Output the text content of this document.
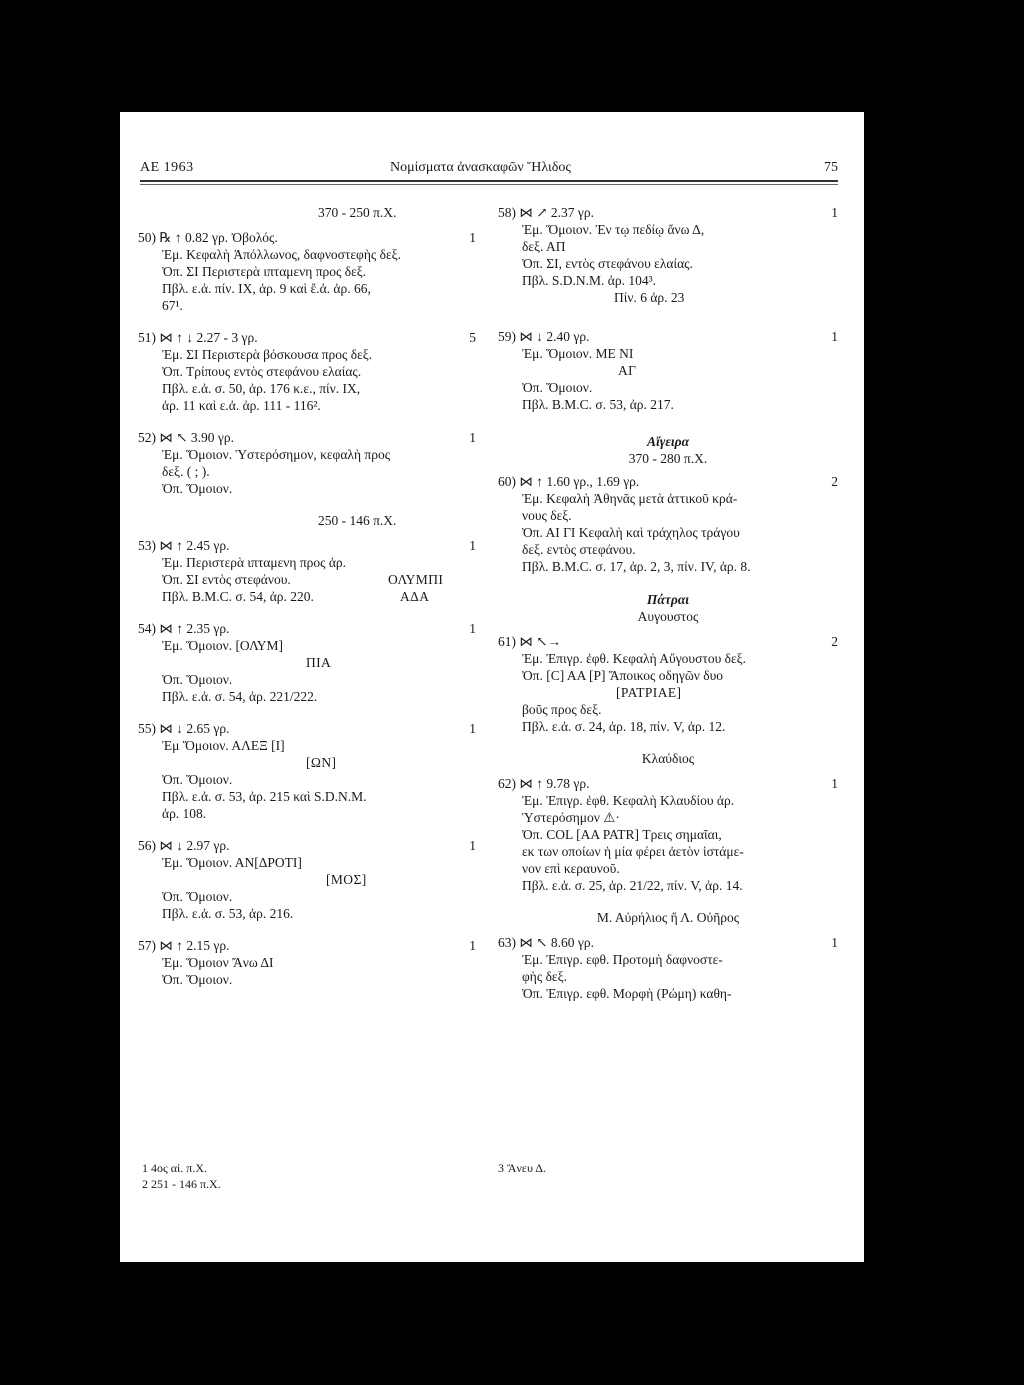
ΑΕ 1963	Νομίσματα ἀνασκαφῶν Ἤλιδος	75
370 - 250 π.Χ.
50) ℞ ↑ 0.82 γρ. Ὀβολός.	1
Ἐμ. Κεφαλὴ Ἀπόλλωνος, δαφνοστεφὴς δεξ.
Ὀπ. ΣΙ Περιστερὰ ιπταμενη προς δεξ.
Πβλ. ε.ἀ. πίν. ΙΧ, ἀρ. 9 καὶ ἔ.ἀ. ἀρ. 66,
67¹.
51) ⋈ ↑ ↓ 2.27 - 3 γρ.	5
Ἐμ. ΣΙ Περιστερὰ βόσκουσα προς δεξ.
Ὀπ. Τρίπους εντὸς στεφάνου ελαίας.
Πβλ. ε.ἀ. σ. 50, ἀρ. 176 κ.ε., πίν. ΙΧ,
ἀρ. 11 καὶ ε.ἀ. ἀρ. 111 - 116².
52) ⋈ ↖ 3.90 γρ.	1
Ἐμ. Ὅμοιον. Ὑστερόσημον, κεφαλὴ προς
δεξ. ( ; ).
Ὀπ. Ὅμοιον.
250 - 146 π.Χ.
53) ⋈ ↑ 2.45 γρ.	1
Ἐμ. Περιστερὰ ιπταμενη προς ἀρ.
Ὀπ. ΣΙ εντὸς στεφάνου.	ΟΛΥΜΠΙ
Πβλ. Β.Μ.C. σ. 54, ἀρ. 220.	ΑΔΑ
54) ⋈ ↑ 2.35 γρ.	1
Ἐμ. Ὅμοιον. [ΟΛΥΜ]
ΠΙΑ
Ὀπ. Ὅμοιον.
Πβλ. ε.ἀ. σ. 54, ἀρ. 221/222.
55) ⋈ ↓ 2.65 γρ.	1
Ἐμ Ὅμοιον. ΑΛΕΞ [Ι]
[ΩΝ]
Ὀπ. Ὅμοιον.
Πβλ. ε.ἀ. σ. 53, ἀρ. 215 καὶ S.D.N.M.
ἀρ. 108.
56) ⋈ ↓ 2.97 γρ.	1
Ἐμ. Ὅμοιον. ΑΝ[ΔΡΟΤΙ]
[ΜΟΣ]
Ὀπ. Ὅμοιον.
Πβλ. ε.ἀ. σ. 53, ἀρ. 216.
57) ⋈ ↑ 2.15 γρ.	1
Ἐμ. Ὅμοιον Ἄνω ΔΙ
Ὀπ. Ὅμοιον.
58) ⋈ ↗ 2.37 γρ.	1
Ἐμ. Ὅμοιον. Ἐν τῳ πεδίῳ ἄνω Δ,
δεξ. ΑΠ
Ὀπ. ΣΙ, εντὸς στεφάνου ελαίας.
Πβλ. S.D.N.M. ἀρ. 104³.
Πίν. 6 ἀρ. 23
59) ⋈ ↓ 2.40 γρ.	1
Ἐμ. Ὅμοιον. ΜΕ ΝΙ
ΑΓ
Ὀπ. Ὅμοιον.
Πβλ. Β.Μ.C. σ. 53, ἀρ. 217.
Αἴγειρα
370 - 280 π.Χ.
60) ⋈ ↑ 1.60 γρ., 1.69 γρ.	2
Ἐμ. Κεφαλὴ Ἀθηνᾶς μετὰ ἀττικοῦ κρά-
νους δεξ.
Ὀπ. ΑΙ ΓΙ Κεφαλὴ καὶ τράχηλος τράγου
δεξ. εντὸς στεφάνου.
Πβλ. Β.Μ.C. σ. 17, ἀρ. 2, 3, πίν. IV, ἀρ. 8.
Πάτραι
Αυγουστος
61) ⋈ ↖→	2
Ἐμ. Ἐπιγρ. ἐφθ. Κεφαλὴ Αὔγουστου δεξ.
Ὀπ. [C] ΑΑ [Ρ] Ἄποικος οδηγῶν δυο
[ΡΑΤΡΙΑΕ]
βοῦς προς δεξ.
Πβλ. ε.ἀ. σ. 24, ἀρ. 18, πίν. V, ἀρ. 12.
Κλαύδιος
62) ⋈ ↑ 9.78 γρ.	1
Ἐμ. Ἐπιγρ. ἐφθ. Κεφαλὴ Κλαυδίου ἀρ.
Ὑστερόσημον ⚠·
Ὀπ. COL [ΑΑ PATR] Τρεις σημαῖαι,
εκ των οποίων ἡ μία φέρει ἀετὸν ἱστάμε-
νον επὶ κεραυνοῦ.
Πβλ. ε.ἀ. σ. 25, ἀρ. 21/22, πίν. V, ἀρ. 14.
Μ. Αὐρήλιος ἤ Λ. Οὐῆρος
63) ⋈ ↖ 8.60 γρ.	1
Ἐμ. Ἐπιγρ. εφθ. Προτομὴ δαφνοστε-
φὴς δεξ.
Ὀπ. Ἐπιγρ. εφθ. Μορφὴ (Ρώμη) καθη-
1 4ος αἰ. π.Χ.
2 251 - 146 π.Χ.
3 Ἄνευ Δ.
